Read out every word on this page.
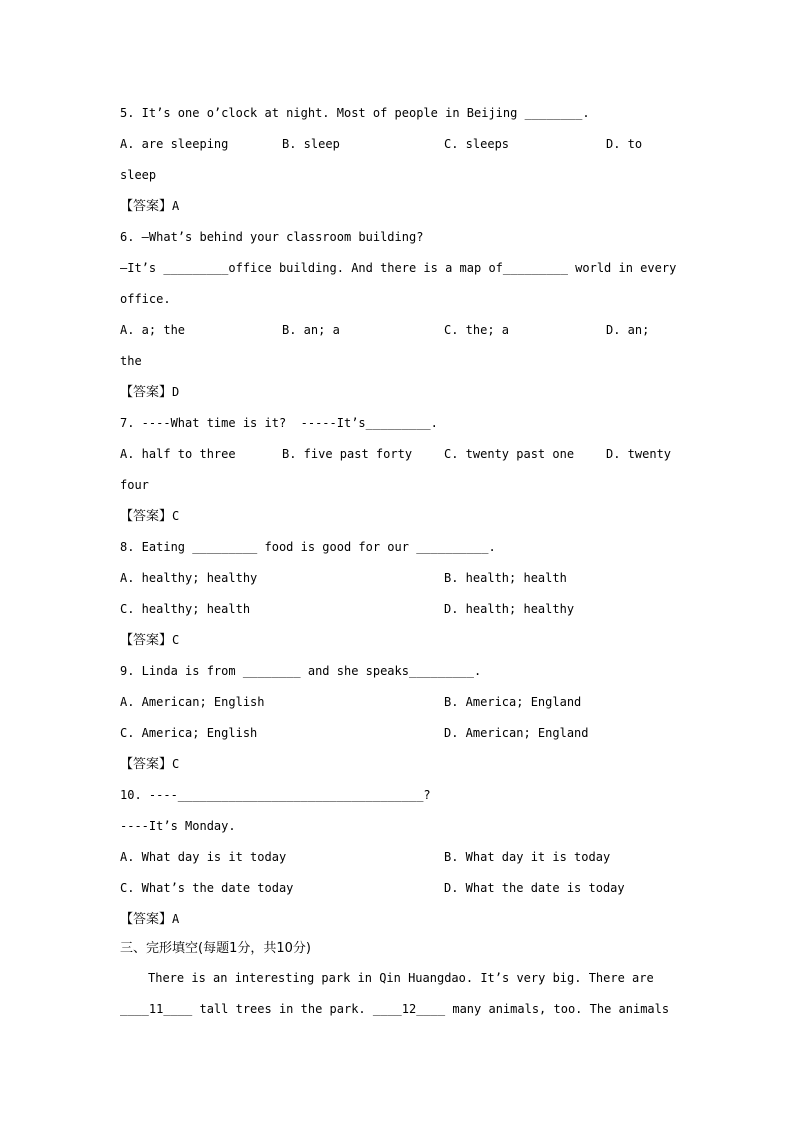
5. It’s one o’clock at night. Most of people in Beijing ________.
A. are sleeping	B. sleep	C. sleeps	D. to
sleep
【答案】A
6. —What’s behind your classroom building?
—It’s _________office building. And there is a map of_________ world in every
office.
A. a; the	B. an; a	C. the; a	D. an;
the
【答案】D
7. ----What time is it?  -----It’s_________.
A. half to three	B. five past forty	C. twenty past one	D. twenty
four
【答案】C
8. Eating _________ food is good for our __________.
A. healthy; healthy	B. health; health
C. healthy; health	D. health; healthy
【答案】C
9. Linda is from ________ and she speaks_________.
A. American; English	B. America; England
C. America; English	D. American; England
【答案】C
10. ----__________________________________?
----It’s Monday.
A. What day is it today	B. What day it is today
C. What’s the date today	D. What the date is today
【答案】A
三、完形填空(每题1分，共10分)
There is an interesting park in Qin Huangdao. It’s very big. There are
____11____ tall trees in the park. ____12____ many animals, too. The animals
